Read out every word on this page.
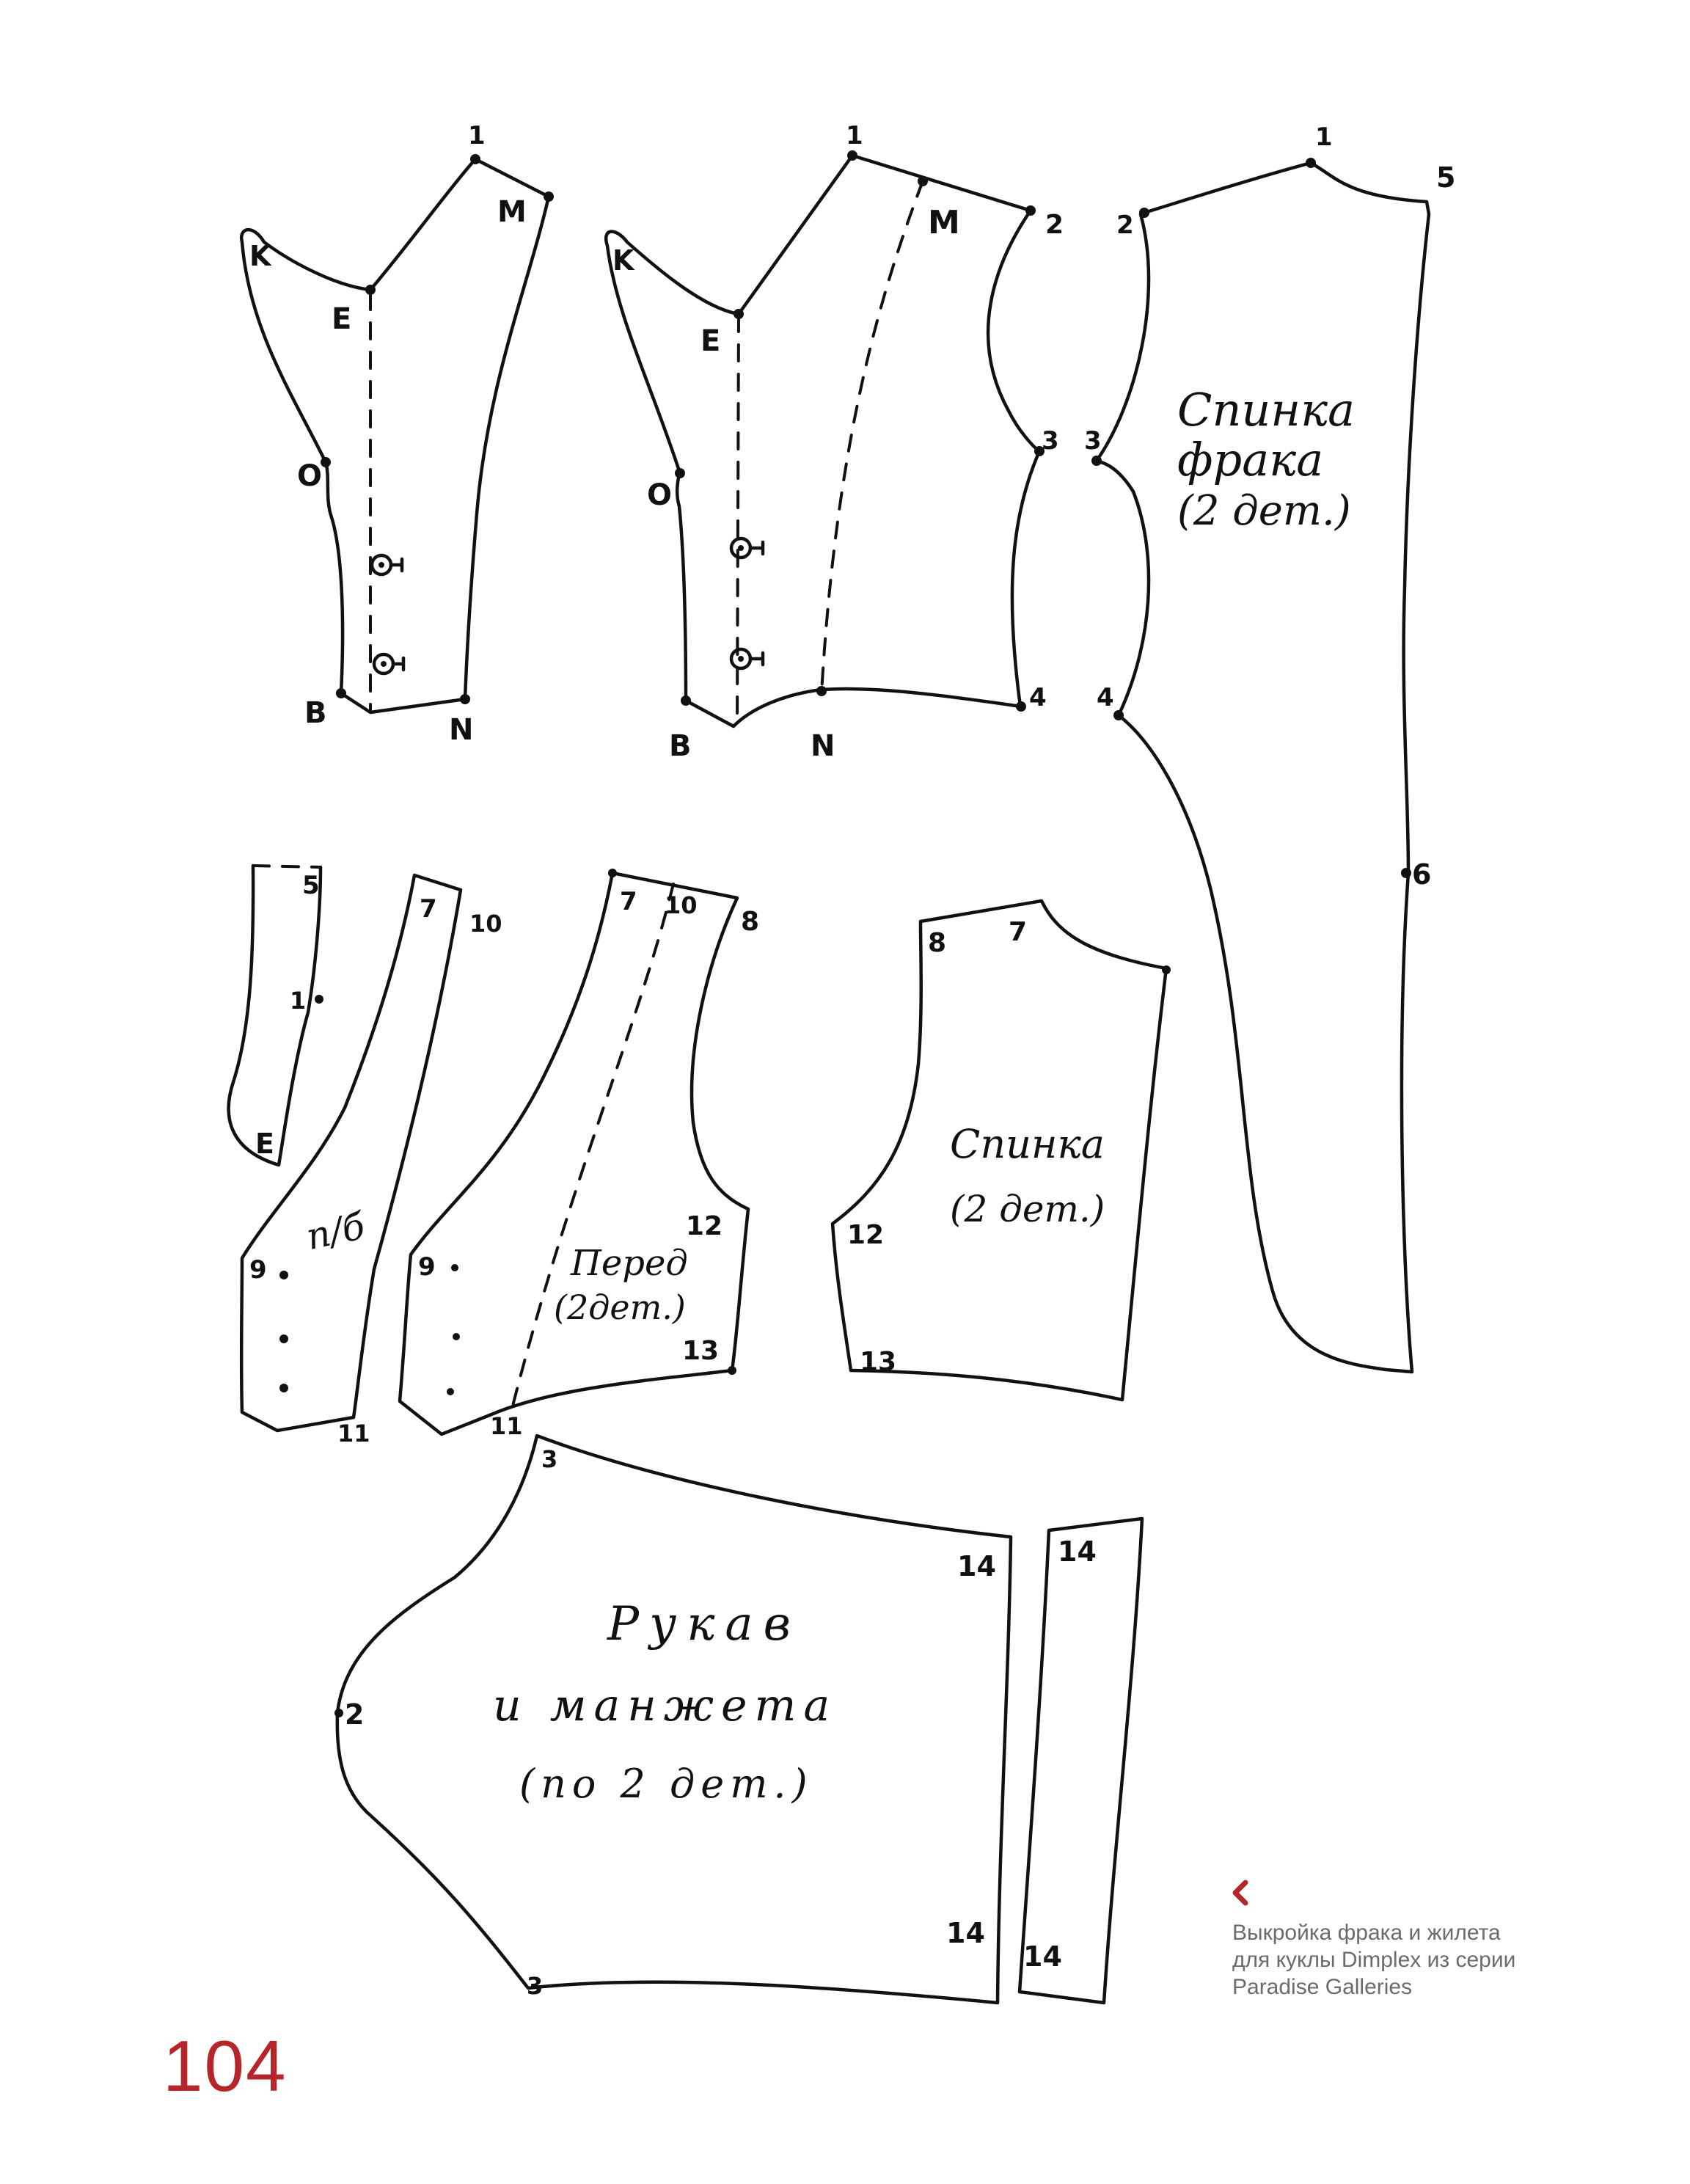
1
M
K
E
O
B	N
1
M	2
K
E
O
3
4
B	N
1
5
2
3
4
6
5
1
E
7 10
9
11
7 10
8
12
9
13
11
8 7
12
13
3
2
3
14
14
14
14
Спинка
фрака
(2 дет.)
Спинка
(2 дет.)
Перед
(2дет.)
п/б
Рукав
и манжета
(по 2 дет.)
Выкройка фрака и жилета
для куклы Dimplex из серии
Paradise Galleries
104
